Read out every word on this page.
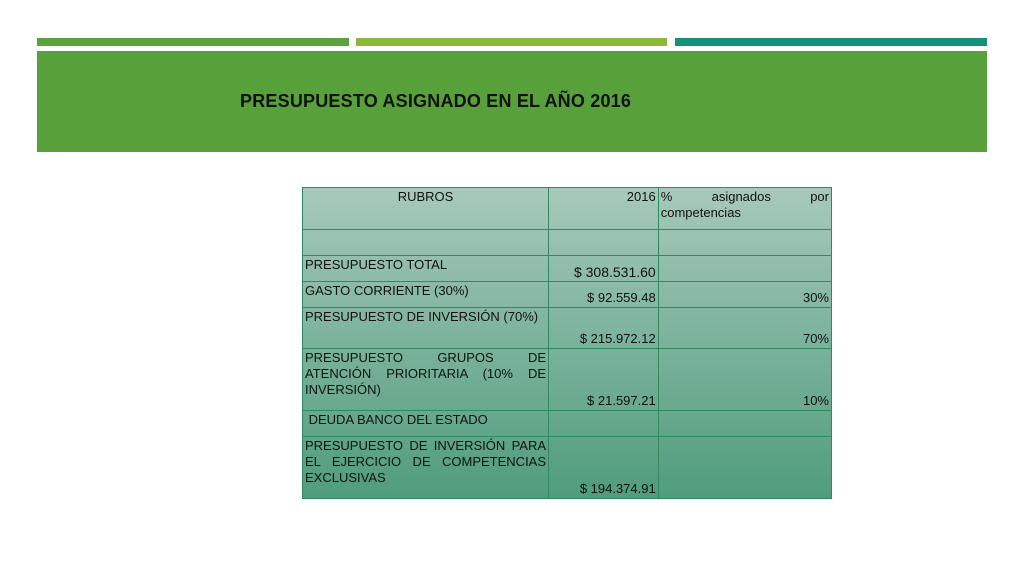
PRESUPUESTO ASIGNADO EN EL AÑO 2016
RUBROS	2016	% asignados por
competencias

PRESUPUESTO TOTAL	$ 308.531.60	
GASTO CORRIENTE (30%)	$ 92.559.48	30%
PRESUPUESTO DE INVERSIÓN (70%)	$ 215.972.12	70%
PRESUPUESTO GRUPOS DE ATENCIÓN PRIORITARIA (10% DE INVERSIÓN)	$ 21.597.21	10%
DEUDA BANCO DEL ESTADO		
PRESUPUESTO DE INVERSIÓN PARA EL EJERCICIO DE COMPETENCIAS EXCLUSIVAS	$ 194.374.91	
